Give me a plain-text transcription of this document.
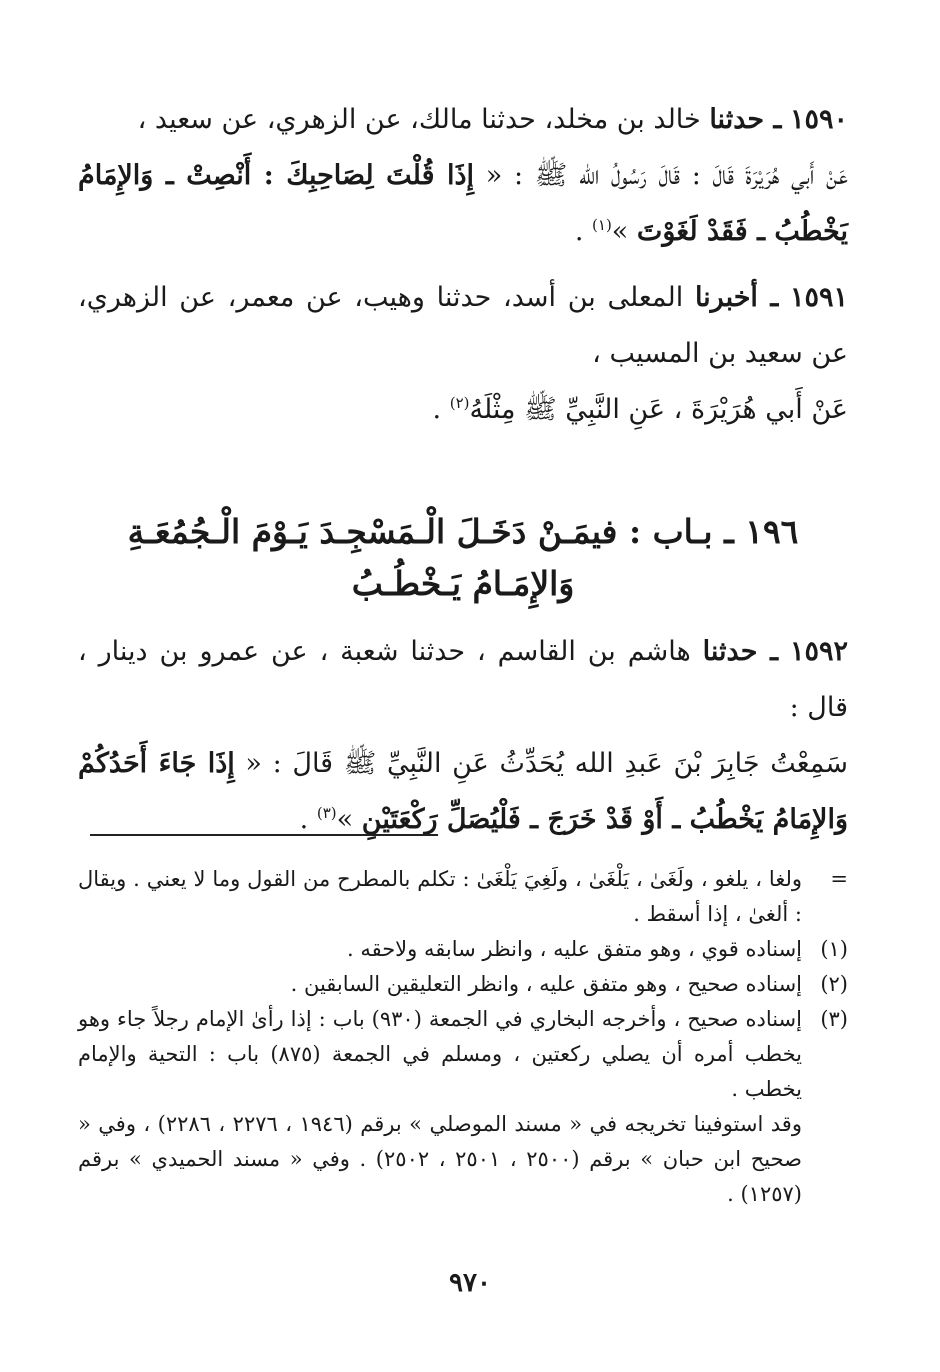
١٥٩٠ ـ حدثنا خالد بن مخلد، حدثنا مالك، عن الزهري، عن سعيد ،
عَنْ أَبي هُرَيْرَةَ قَالَ : قَالَ رَسُولُ الله ﷺ : « إِذَا قُلْتَ لِصَاحِبِكَ : أَنْصِتْ ـ وَالإِمَامُ يَخْطُبُ ـ فَقَدْ لَغَوْتَ »$^{(١)}$ .

١٥٩١ ـ أخبرنا المعلى بن أسد، حدثنا وهيب، عن معمر، عن الزهري، عن سعيد بن المسيب ،
عَنْ أَبي هُرَيْرَةَ ، عَنِ النَّبِيِّ ﷺ مِثْلَهُ$^{(٢)}$ .

١٩٦ ـ بـاب : فيمَـنْ دَخَـلَ الْـمَسْجِـدَ يَـوْمَ الْـجُمُعَـةِ
وَالإِمَـامُ يَـخْطُـبُ

١٥٩٢ ـ حدثنا هاشم بن القاسم ، حدثنا شعبة ، عن عمرو بن دينار ، قال :
سَمِعْتُ جَابِرَ بْنَ عَبدِ الله يُحَدِّثُ عَنِ النَّبِيِّ ﷺ قَالَ : « إِذَا جَاءَ أَحَدُكُمْ وَالإِمَامُ يَخْطُبُ ـ أَوْ قَدْ خَرَجَ ـ فَلْيُصَلِّ رَكْعَتَيْنِ »$^{(٣)}$ .

=
ولغا ، يلغو ، ولَغَىٰ ، يَلْغَىٰ ، ولَغِيَ يَلْغَىٰ : تكلم بالمطرح من القول وما لا يعني . ويقال : ألغىٰ ، إذا أسقط .
(١)
إسناده قوي ، وهو متفق عليه ، وانظر سابقه ولاحقه .
(٢)
إسناده صحيح ، وهو متفق عليه ، وانظر التعليقين السابقين .
(٣)
إسناده صحيح ، وأخرجه البخاري في الجمعة (٩٣٠) باب : إذا رأىٰ الإمام رجلاً جاء وهو يخطب أمره أن يصلي ركعتين ، ومسلم في الجمعة (٨٧٥) باب : التحية والإمام يخطب .
وقد استوفينا تخريجه في « مسند الموصلي » برقم (١٩٤٦ ، ٢٢٧٦ ، ٢٢٨٦) ، وفي « صحيح ابن حبان » برقم (٢٥٠٠ ، ٢٥٠١ ، ٢٥٠٢) . وفي « مسند الحميدي » برقم (١٢٥٧) .
٩٧٠
